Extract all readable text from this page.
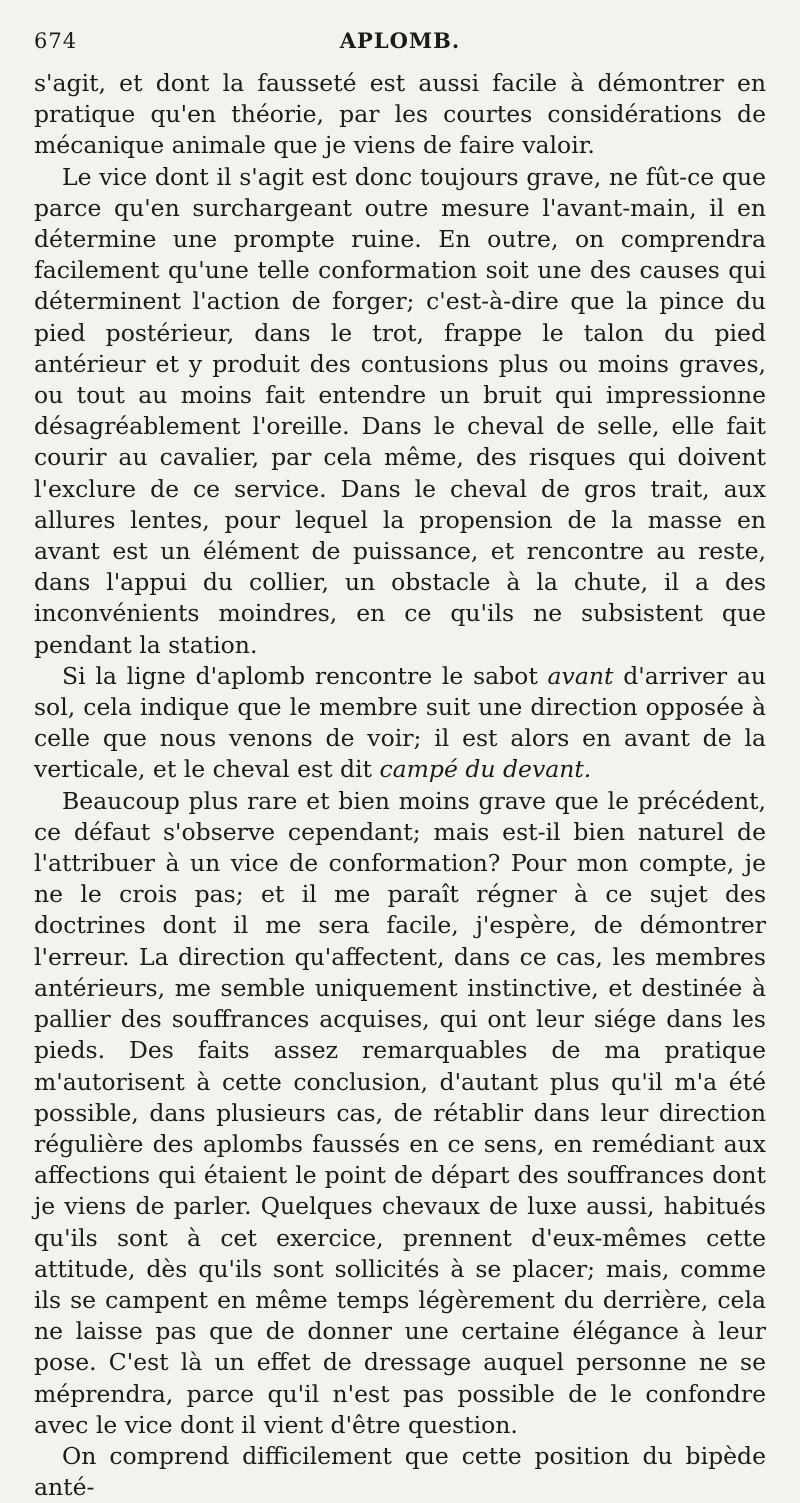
674	APLOMB.

s'agit, et dont la fausseté est aussi facile à démontrer en pratique qu'en théorie, par les courtes considérations de mécanique animale que je viens de faire valoir.

Le vice dont il s'agit est donc toujours grave, ne fût-ce que parce qu'en surchargeant outre mesure l'avant-main, il en détermine une prompte ruine. En outre, on comprendra facilement qu'une telle conformation soit une des causes qui déterminent l'action de forger; c'est-à-dire que la pince du pied postérieur, dans le trot, frappe le talon du pied antérieur et y produit des contusions plus ou moins graves, ou tout au moins fait entendre un bruit qui impressionne désagréablement l'oreille. Dans le cheval de selle, elle fait courir au cavalier, par cela même, des risques qui doivent l'exclure de ce service. Dans le cheval de gros trait, aux allures lentes, pour lequel la propension de la masse en avant est un élément de puissance, et rencontre au reste, dans l'appui du collier, un obstacle à la chute, il a des inconvénients moindres, en ce qu'ils ne subsistent que pendant la station.

Si la ligne d'aplomb rencontre le sabot avant d'arriver au sol, cela indique que le membre suit une direction opposée à celle que nous venons de voir; il est alors en avant de la verticale, et le cheval est dit campé du devant.

Beaucoup plus rare et bien moins grave que le précédent, ce défaut s'observe cependant; mais est-il bien naturel de l'attribuer à un vice de conformation? Pour mon compte, je ne le crois pas; et il me paraît régner à ce sujet des doctrines dont il me sera facile, j'espère, de démontrer l'erreur. La direction qu'affectent, dans ce cas, les membres antérieurs, me semble uniquement instinctive, et destinée à pallier des souffrances acquises, qui ont leur siége dans les pieds. Des faits assez remarquables de ma pratique m'autorisent à cette conclusion, d'autant plus qu'il m'a été possible, dans plusieurs cas, de rétablir dans leur direction régulière des aplombs faussés en ce sens, en remédiant aux affections qui étaient le point de départ des souffrances dont je viens de parler. Quelques chevaux de luxe aussi, habitués qu'ils sont à cet exercice, prennent d'eux-mêmes cette attitude, dès qu'ils sont sollicités à se placer; mais, comme ils se campent en même temps légèrement du derrière, cela ne laisse pas que de donner une certaine élégance à leur pose. C'est là un effet de dressage auquel personne ne se méprendra, parce qu'il n'est pas possible de le confondre avec le vice dont il vient d'être question.

On comprend difficilement que cette position du bipède anté-
